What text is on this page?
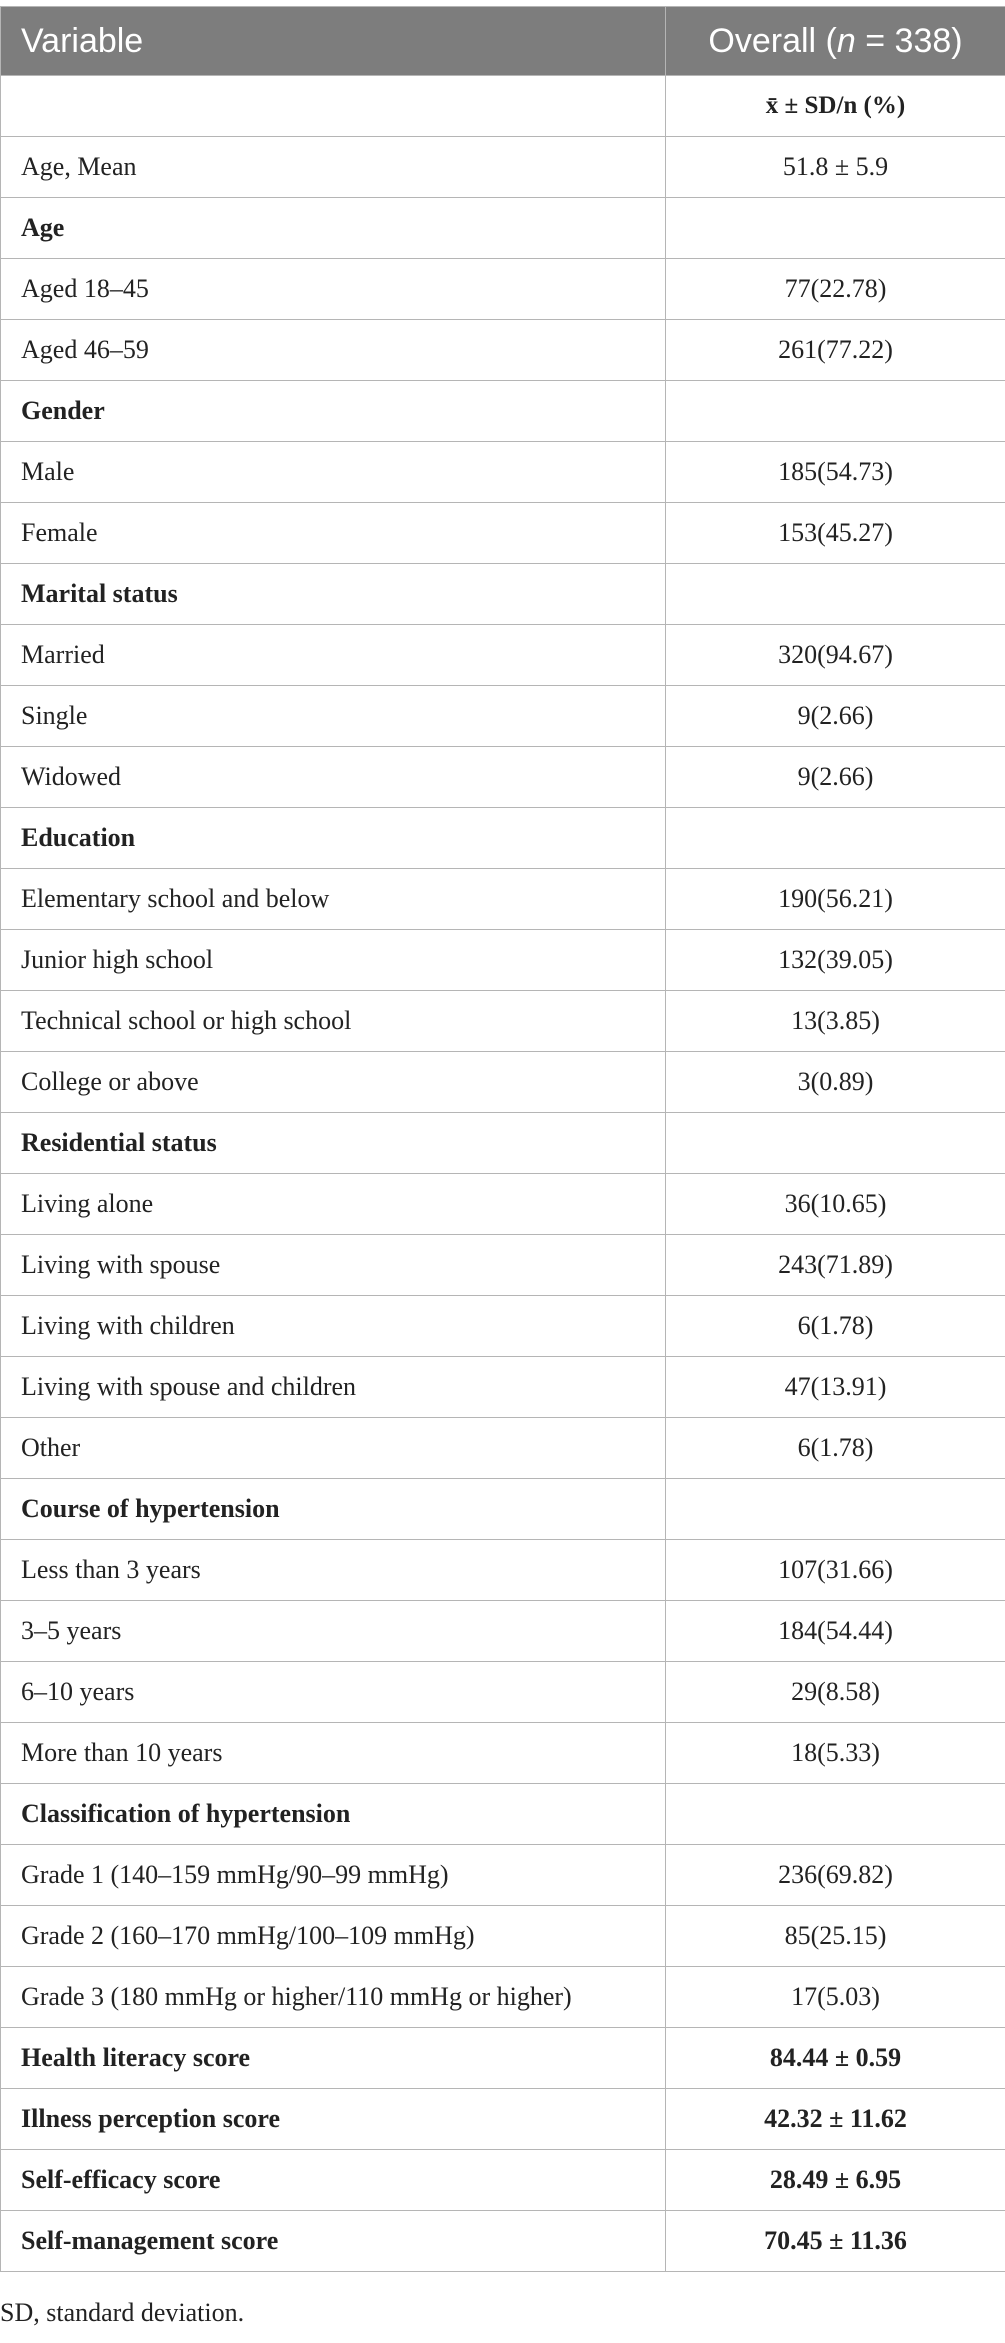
Variable	Overall (n = 338)
	x̄ ± SD/n (%)
Age, Mean	51.8 ± 5.9
Age	
Aged 18–45	77(22.78)
Aged 46–59	261(77.22)
Gender	
Male	185(54.73)
Female	153(45.27)
Marital status	
Married	320(94.67)
Single	9(2.66)
Widowed	9(2.66)
Education	
Elementary school and below	190(56.21)
Junior high school	132(39.05)
Technical school or high school	13(3.85)
College or above	3(0.89)
Residential status	
Living alone	36(10.65)
Living with spouse	243(71.89)
Living with children	6(1.78)
Living with spouse and children	47(13.91)
Other	6(1.78)
Course of hypertension	
Less than 3 years	107(31.66)
3–5 years	184(54.44)
6–10 years	29(8.58)
More than 10 years	18(5.33)
Classification of hypertension	
Grade 1 (140–159 mmHg/90–99 mmHg)	236(69.82)
Grade 2 (160–170 mmHg/100–109 mmHg)	85(25.15)
Grade 3 (180 mmHg or higher/110 mmHg or higher)	17(5.03)
Health literacy score	84.44 ± 0.59
Illness perception score	42.32 ± 11.62
Self-efficacy score	28.49 ± 6.95
Self-management score	70.45 ± 11.36
SD, standard deviation.
